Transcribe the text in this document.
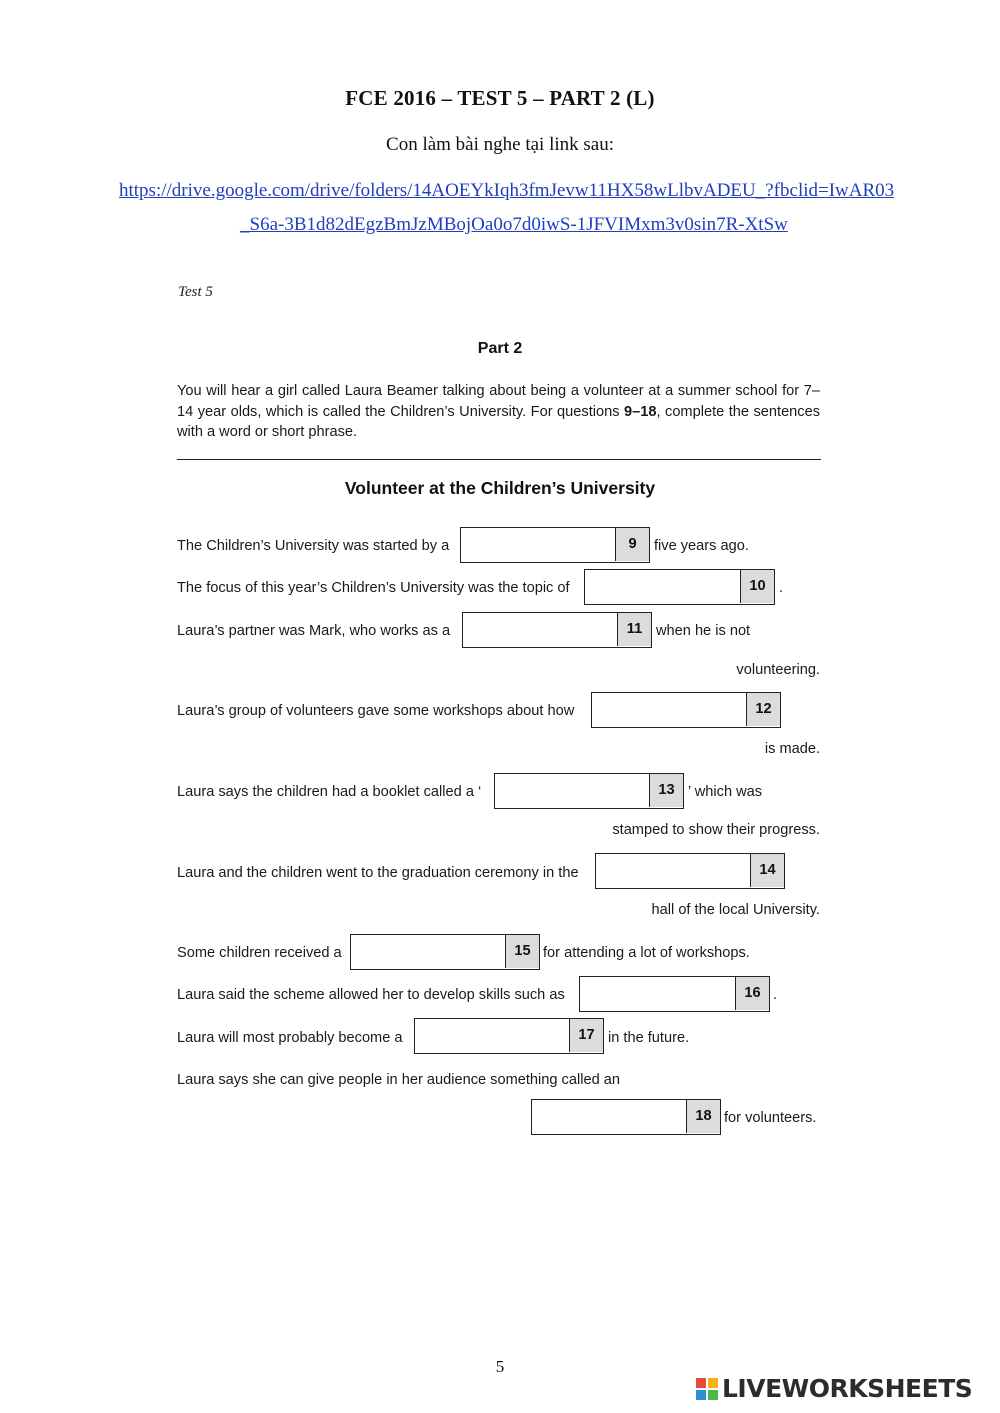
FCE 2016 – TEST 5 – PART 2 (L)
Con làm bài nghe tại link sau:
https://drive.google.com/drive/folders/14AOEYkIqh3fmJevw11HX58wLlbvADEU_?fbclid=IwAR03
_S6a-3B1d82dEgzBmJzMBojOa0o7d0iwS-1JFVIMxm3v0sin7R-XtSw
Test 5
Part 2
You will hear a girl called Laura Beamer talking about being a volunteer at a summer school for 7–14 year olds, which is called the Children’s University. For questions 9–18, complete the sentences with a word or short phrase.
Volunteer at the Children’s University
The Children’s University was started by a	9	five years ago.
The focus of this year’s Children’s University was the topic of	10 .
Laura’s partner was Mark, who works as a	11 when he is not
volunteering.
Laura’s group of volunteers gave some workshops about how	12
is made.
Laura says the children had a booklet called a ‘	13 ’ which was
stamped to show their progress.
Laura and the children went to the graduation ceremony in the	14
hall of the local University.
Some children received a	15 for attending a lot of workshops.
Laura said the scheme allowed her to develop skills such as	16 .
Laura will most probably become a	17 in the future.
Laura says she can give people in her audience something called an
18 for volunteers.
5
LIVEWORKSHEETS
